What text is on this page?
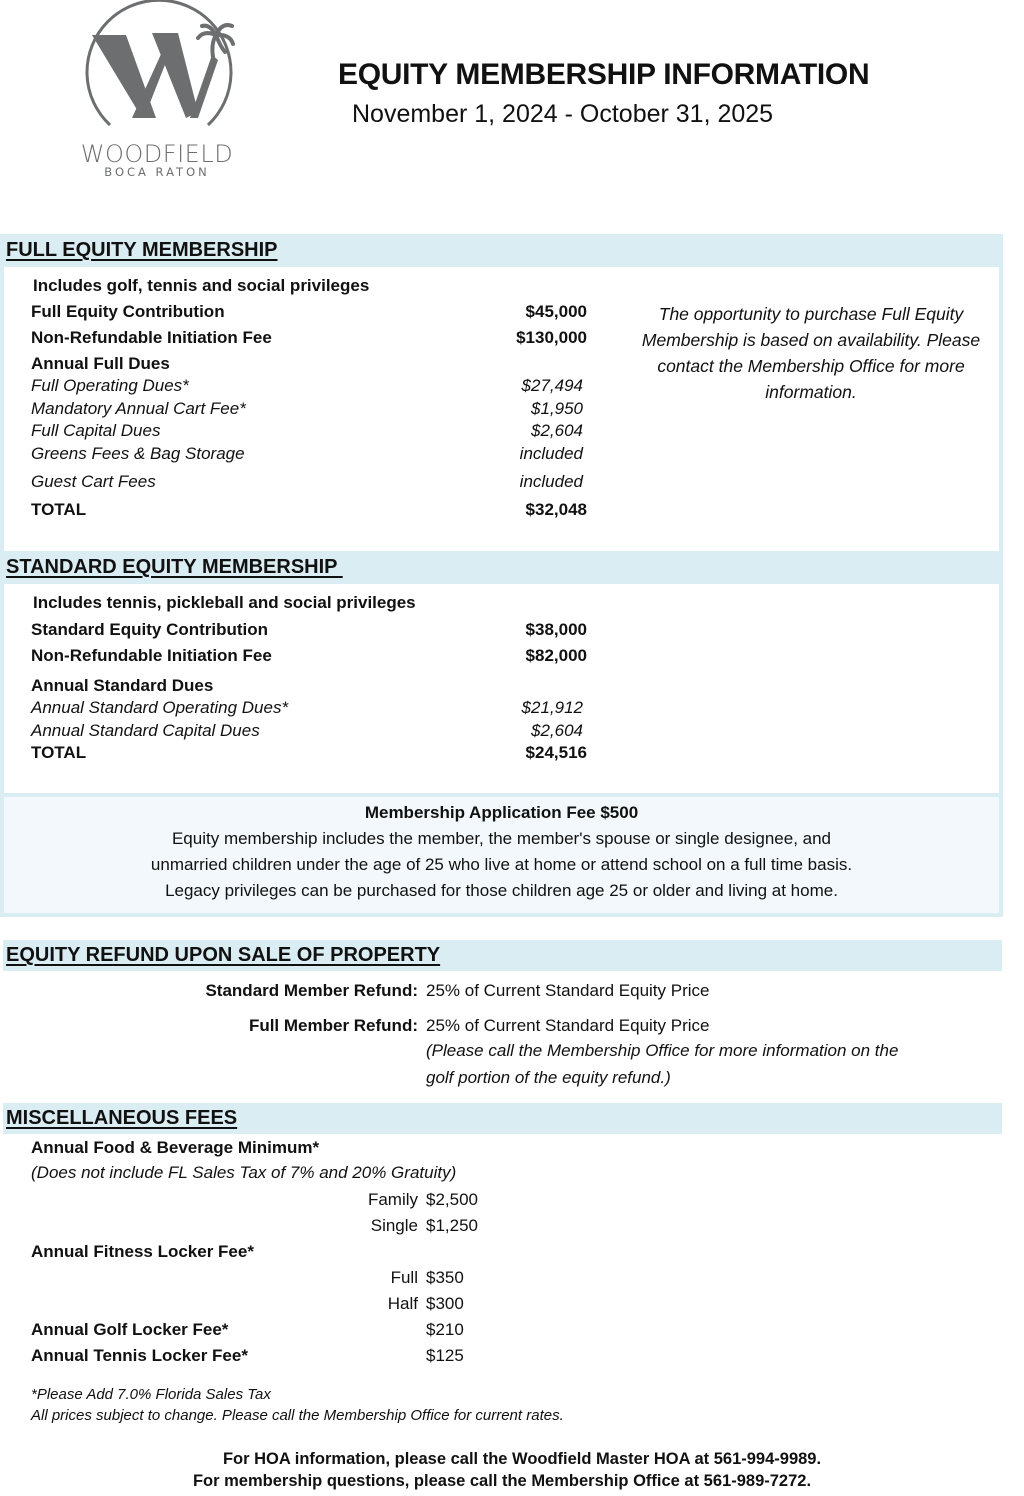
WOODFIELD
BOCA RATON
EQUITY MEMBERSHIP INFORMATION
November 1, 2024 - October 31, 2025
FULL EQUITY MEMBERSHIP
Includes golf, tennis and social privileges
Full Equity Contribution	$45,000
Non-Refundable Initiation Fee	$130,000
Annual Full Dues
Full Operating Dues*	$27,494
Mandatory Annual Cart Fee*	$1,950
Full Capital Dues	$2,604
Greens Fees & Bag Storage	included
Guest Cart Fees	included
TOTAL	$32,048
The opportunity to purchase Full Equity Membership is based on availability. Please contact the Membership Office for more information.
STANDARD EQUITY MEMBERSHIP
Includes tennis, pickleball and social privileges
Standard Equity Contribution	$38,000
Non-Refundable Initiation Fee	$82,000
Annual Standard Dues
Annual Standard Operating Dues*	$21,912
Annual Standard Capital Dues	$2,604
TOTAL	$24,516
Membership Application Fee $500
Equity membership includes the member, the member's spouse or single designee, and
unmarried children under the age of 25 who live at home or attend school on a full time basis.
Legacy privileges can be purchased for those children age 25 or older and living at home.
EQUITY REFUND UPON SALE OF PROPERTY
Standard Member Refund: 25% of Current Standard Equity Price
Full Member Refund: 25% of Current Standard Equity Price
(Please call the Membership Office for more information on the
golf portion of the equity refund.)
MISCELLANEOUS FEES
Annual Food & Beverage Minimum*
(Does not include FL Sales Tax of 7% and 20% Gratuity)
Family $2,500
Single $1,250
Annual Fitness Locker Fee*
Full $350
Half $300
Annual Golf Locker Fee*	$210
Annual Tennis Locker Fee*	$125
*Please Add 7.0% Florida Sales Tax
All prices subject to change. Please call the Membership Office for current rates.
For HOA information, please call the Woodfield Master HOA at 561-994-9989.
For membership questions, please call the Membership Office at 561-989-7272.
